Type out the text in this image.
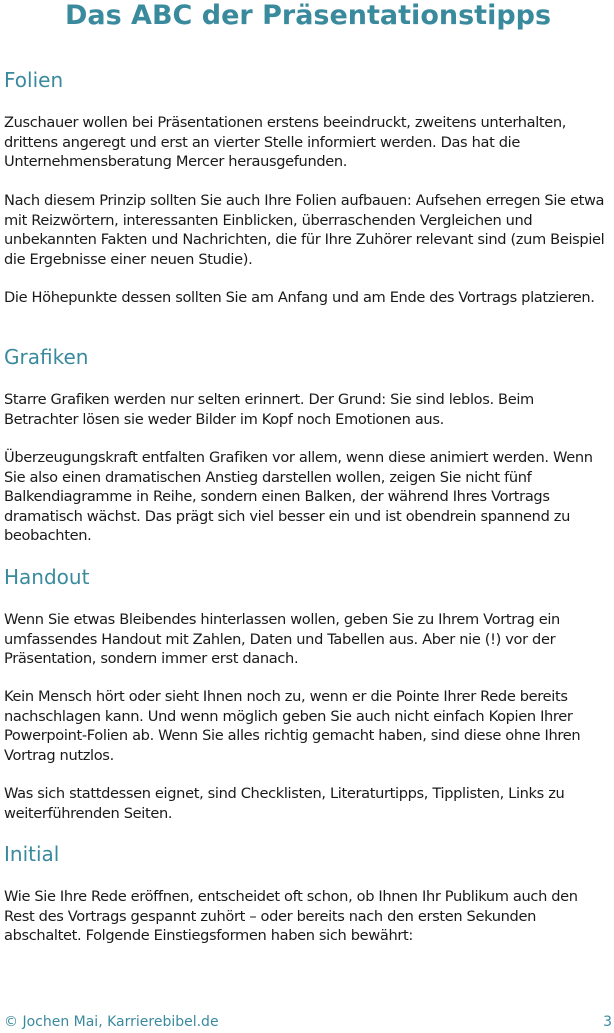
Das ABC der Präsentationstipps
Folien

Zuschauer wollen bei Präsentationen erstens beeindruckt, zweitens unterhalten, drittens angeregt und erst an vierter Stelle informiert werden. Das hat die Unternehmensberatung Mercer herausgefunden.

Nach diesem Prinzip sollten Sie auch Ihre Folien aufbauen: Aufsehen erregen Sie etwa mit Reizwörtern, interessanten Einblicken, überraschenden Vergleichen und unbekannten Fakten und Nachrichten, die für Ihre Zuhörer relevant sind (zum Beispiel die Ergebnisse einer neuen Studie).

Die Höhepunkte dessen sollten Sie am Anfang und am Ende des Vortrags platzieren.

Grafiken

Starre Grafiken werden nur selten erinnert. Der Grund: Sie sind leblos. Beim Betrachter lösen sie weder Bilder im Kopf noch Emotionen aus.

Überzeugungskraft entfalten Grafiken vor allem, wenn diese animiert werden. Wenn Sie also einen dramatischen Anstieg darstellen wollen, zeigen Sie nicht fünf Balkendiagramme in Reihe, sondern einen Balken, der während Ihres Vortrags dramatisch wächst. Das prägt sich viel besser ein und ist obendrein spannend zu beobachten.

Handout

Wenn Sie etwas Bleibendes hinterlassen wollen, geben Sie zu Ihrem Vortrag ein umfassendes Handout mit Zahlen, Daten und Tabellen aus. Aber nie (!) vor der Präsentation, sondern immer erst danach.

Kein Mensch hört oder sieht Ihnen noch zu, wenn er die Pointe Ihrer Rede bereits nachschlagen kann. Und wenn möglich geben Sie auch nicht einfach Kopien Ihrer Powerpoint-Folien ab. Wenn Sie alles richtig gemacht haben, sind diese ohne Ihren Vortrag nutzlos.

Was sich stattdessen eignet, sind Checklisten, Literaturtipps, Tipplisten, Links zu weiterführenden Seiten.

Initial

Wie Sie Ihre Rede eröffnen, entscheidet oft schon, ob Ihnen Ihr Publikum auch den Rest des Vortrags gespannt zuhört – oder bereits nach den ersten Sekunden abschaltet. Folgende Einstiegsformen haben sich bewährt:

© Jochen Mai, Karrierebibel.de	3
